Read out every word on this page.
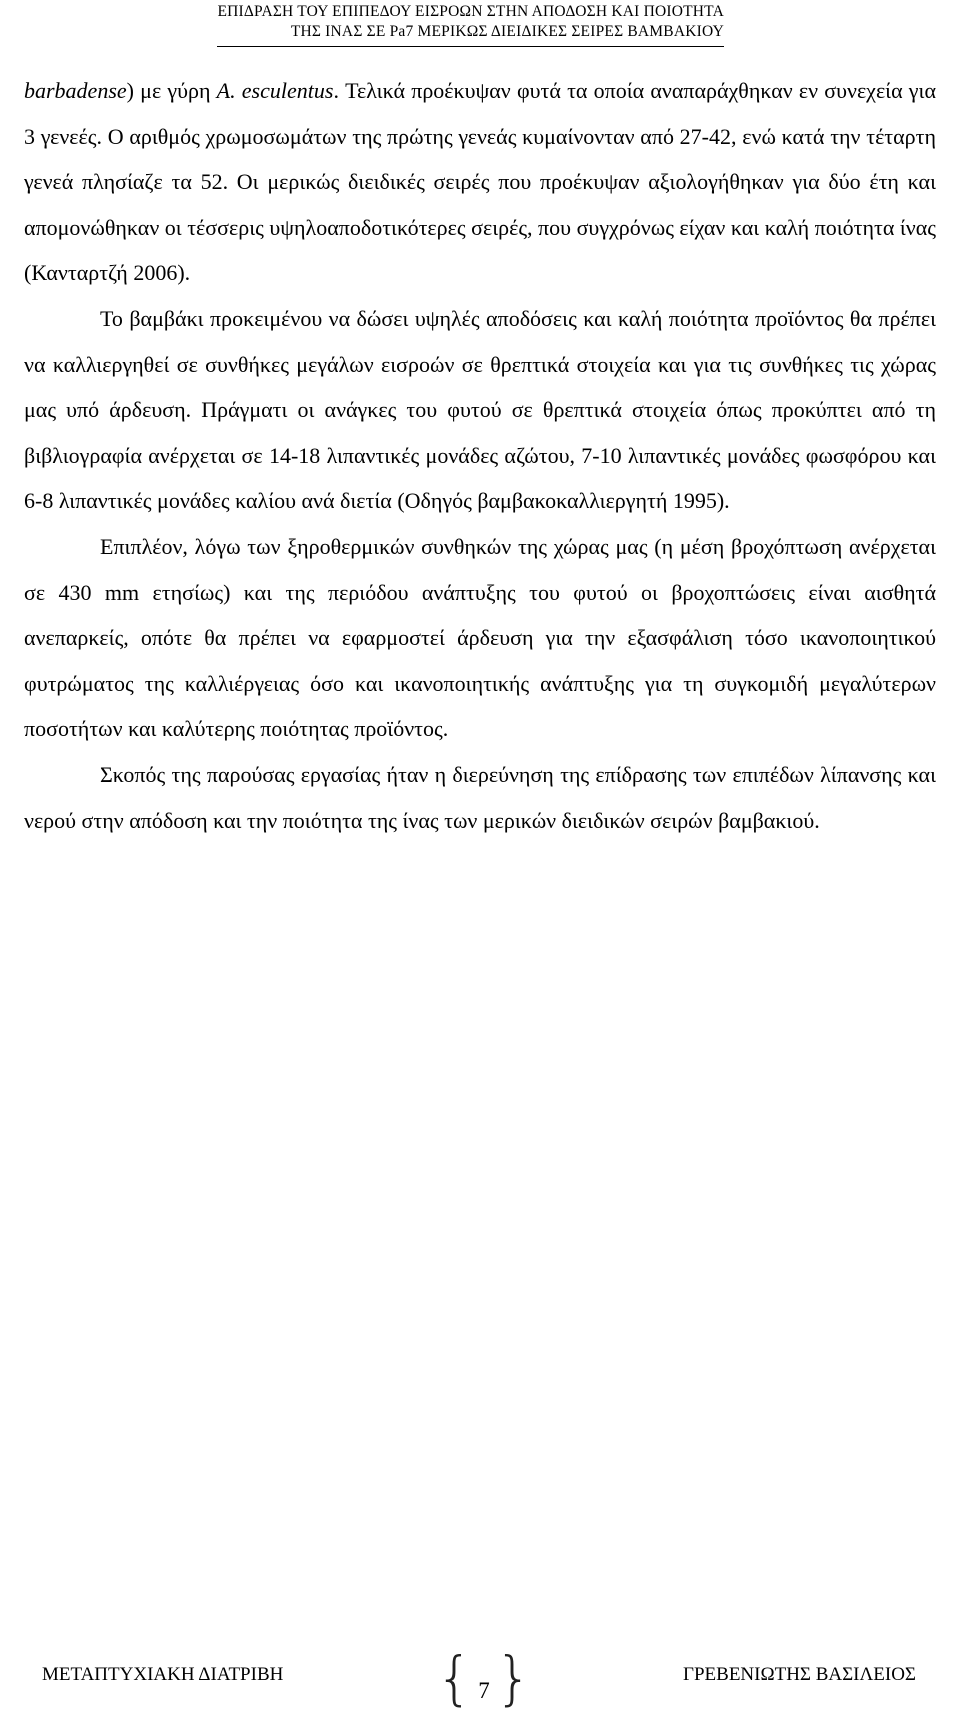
ΕΠΙΔΡΑΣΗ ΤΟΥ ΕΠΙΠΕΔΟΥ ΕΙΣΡΟΩΝ ΣΤΗΝ ΑΠΟΔΟΣΗ ΚΑΙ ΠΟΙΟΤΗΤΑ
ΤΗΣ ΙΝΑΣ ΣΕ Pa7 ΜΕΡΙΚΩΣ ΔΙΕΙΔΙΚΕΣ ΣΕΙΡΕΣ ΒΑΜΒΑΚΙΟΥ

barbadense) με γύρη A. esculentus. Τελικά προέκυψαν φυτά τα οποία αναπαράχθηκαν εν συνεχεία για 3 γενεές. Ο αριθμός χρωμοσωμάτων της πρώτης γενεάς κυμαίνονταν από 27-42, ενώ κατά την τέταρτη γενεά πλησίαζε τα 52. Οι μερικώς διειδικές σειρές που προέκυψαν αξιολογήθηκαν για δύο έτη και απομονώθηκαν οι τέσσερις υψηλοαποδοτικότερες σειρές, που συγχρόνως είχαν και καλή ποιότητα ίνας (Κανταρτζή 2006).

Το βαμβάκι προκειμένου να δώσει υψηλές αποδόσεις και καλή ποιότητα προϊόντος θα πρέπει να καλλιεργηθεί σε συνθήκες μεγάλων εισροών σε θρεπτικά στοιχεία και για τις συνθήκες τις χώρας μας υπό άρδευση. Πράγματι οι ανάγκες του φυτού σε θρεπτικά στοιχεία όπως προκύπτει από τη βιβλιογραφία ανέρχεται σε 14-18 λιπαντικές μονάδες αζώτου, 7-10 λιπαντικές μονάδες φωσφόρου και 6-8 λιπαντικές μονάδες καλίου ανά διετία (Οδηγός βαμβακοκαλλιεργητή 1995).

Επιπλέον, λόγω των ξηροθερμικών συνθηκών της χώρας μας (η μέση βροχόπτωση ανέρχεται σε 430 mm ετησίως) και της περιόδου ανάπτυξης του φυτού οι βροχοπτώσεις είναι αισθητά ανεπαρκείς, οπότε θα πρέπει να εφαρμοστεί άρδευση για την εξασφάλιση τόσο ικανοποιητικού φυτρώματος της καλλιέργειας όσο και ικανοποιητικής ανάπτυξης για τη συγκομιδή μεγαλύτερων ποσοτήτων και καλύτερης ποιότητας προϊόντος.

Σκοπός της παρούσας εργασίας ήταν η διερεύνηση της επίδρασης των επιπέδων λίπανσης και νερού στην απόδοση και την ποιότητα της ίνας των μερικών διειδικών σειρών βαμβακιού.

ΜΕΤΑΠΤΥΧΙΑΚΗ ΔΙΑΤΡΙΒΗ	{ }
7
ΓΡΕΒΕΝΙΩΤΗΣ ΒΑΣΙΛΕΙΟΣ
